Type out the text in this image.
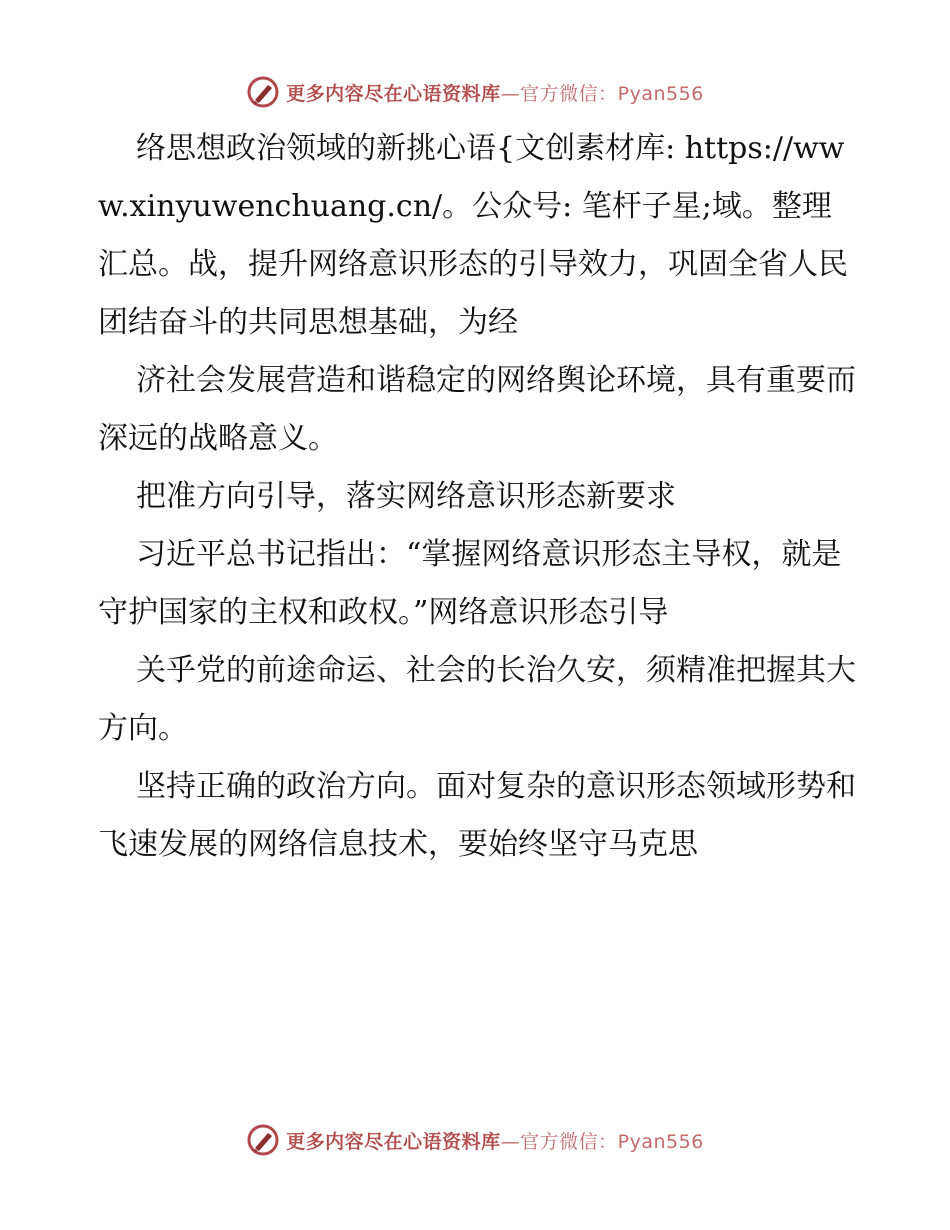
更多内容尽在心语资料库—官方微信：Pyan556

络思想政治领域的新挑心语{文创素材库: https://www.xinyuwenchuang.cn/。公众号: 笔杆子星;域。整理汇总。战，提升网络意识形态的引导效力，巩固全省人民团结奋斗的共同思想基础，为经

济社会发展营造和谐稳定的网络舆论环境，具有重要而深远的战略意义。

把准方向引导，落实网络意识形态新要求

习近平总书记指出：“掌握网络意识形态主导权，就是守护国家的主权和政权。”网络意识形态引导

关乎党的前途命运、社会的长治久安，须精准把握其大方向。

坚持正确的政治方向。面对复杂的意识形态领域形势和飞速发展的网络信息技术，要始终坚守马克思

更多内容尽在心语资料库—官方微信：Pyan556
